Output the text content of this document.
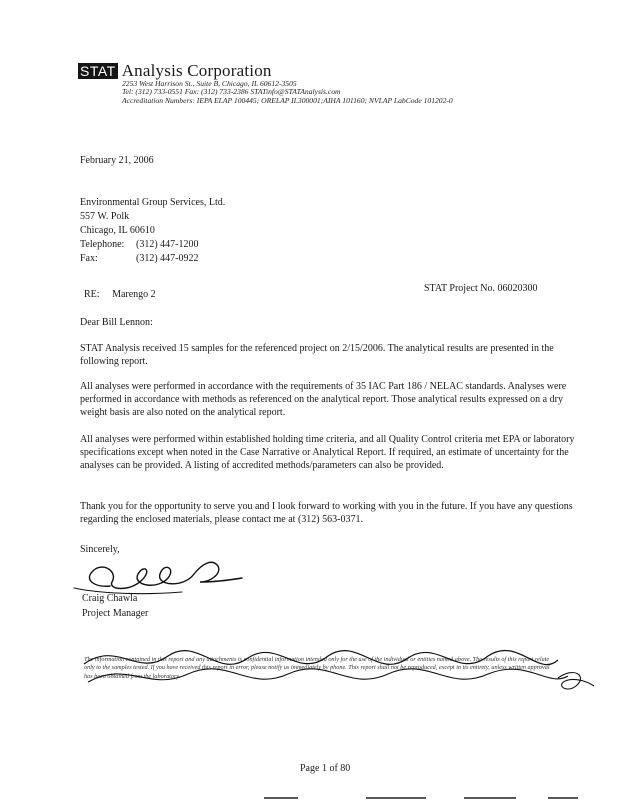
STAT Analysis Corporation
2253 West Harrison St., Suite B, Chicago, IL 60612-3505
Tel: (312) 733-0551 Fax: (312) 733-2386 STATinfo@STATAnalysis.com
Accreditation Numbers: IEPA ELAP 100445; ORELAP IL300001;AIHA 101160; NVLAP LabCode 101202-0
February 21, 2006
Environmental Group Services, Ltd.
557 W. Polk
Chicago, IL 60610
Telephone:	(312) 447-1200
Fax:	(312) 447-0922
RE: Marengo 2
STAT Project No. 06020300
Dear Bill Lennon:
STAT Analysis received 15 samples for the referenced project on 2/15/2006. The analytical results are presented in the following report.
All analyses were performed in accordance with the requirements of 35 IAC Part 186 / NELAC standards. Analyses were performed in accordance with methods as referenced on the analytical report. Those analytical results expressed on a dry weight basis are also noted on the analytical report.
All analyses were performed within established holding time criteria, and all Quality Control criteria met EPA or laboratory specifications except when noted in the Case Narrative or Analytical Report. If required, an estimate of uncertainty for the analyses can be provided. A listing of accredited methods/parameters can also be provided.
Thank you for the opportunity to serve you and I look forward to working with you in the future. If you have any questions regarding the enclosed materials, please contact me at (312) 563-0371.
Sincerely,
Craig Chawla
Project Manager
The information contained in this report and any attachments is confidential information intended only for the use of the individual or entities named above. The results of this report relate only to the samples tested. If you have received this report in error, please notify us immediately by phone. This report shall not be reproduced, except in its entirety, unless written approval has been obtained from the laboratory.
Page 1 of 80
